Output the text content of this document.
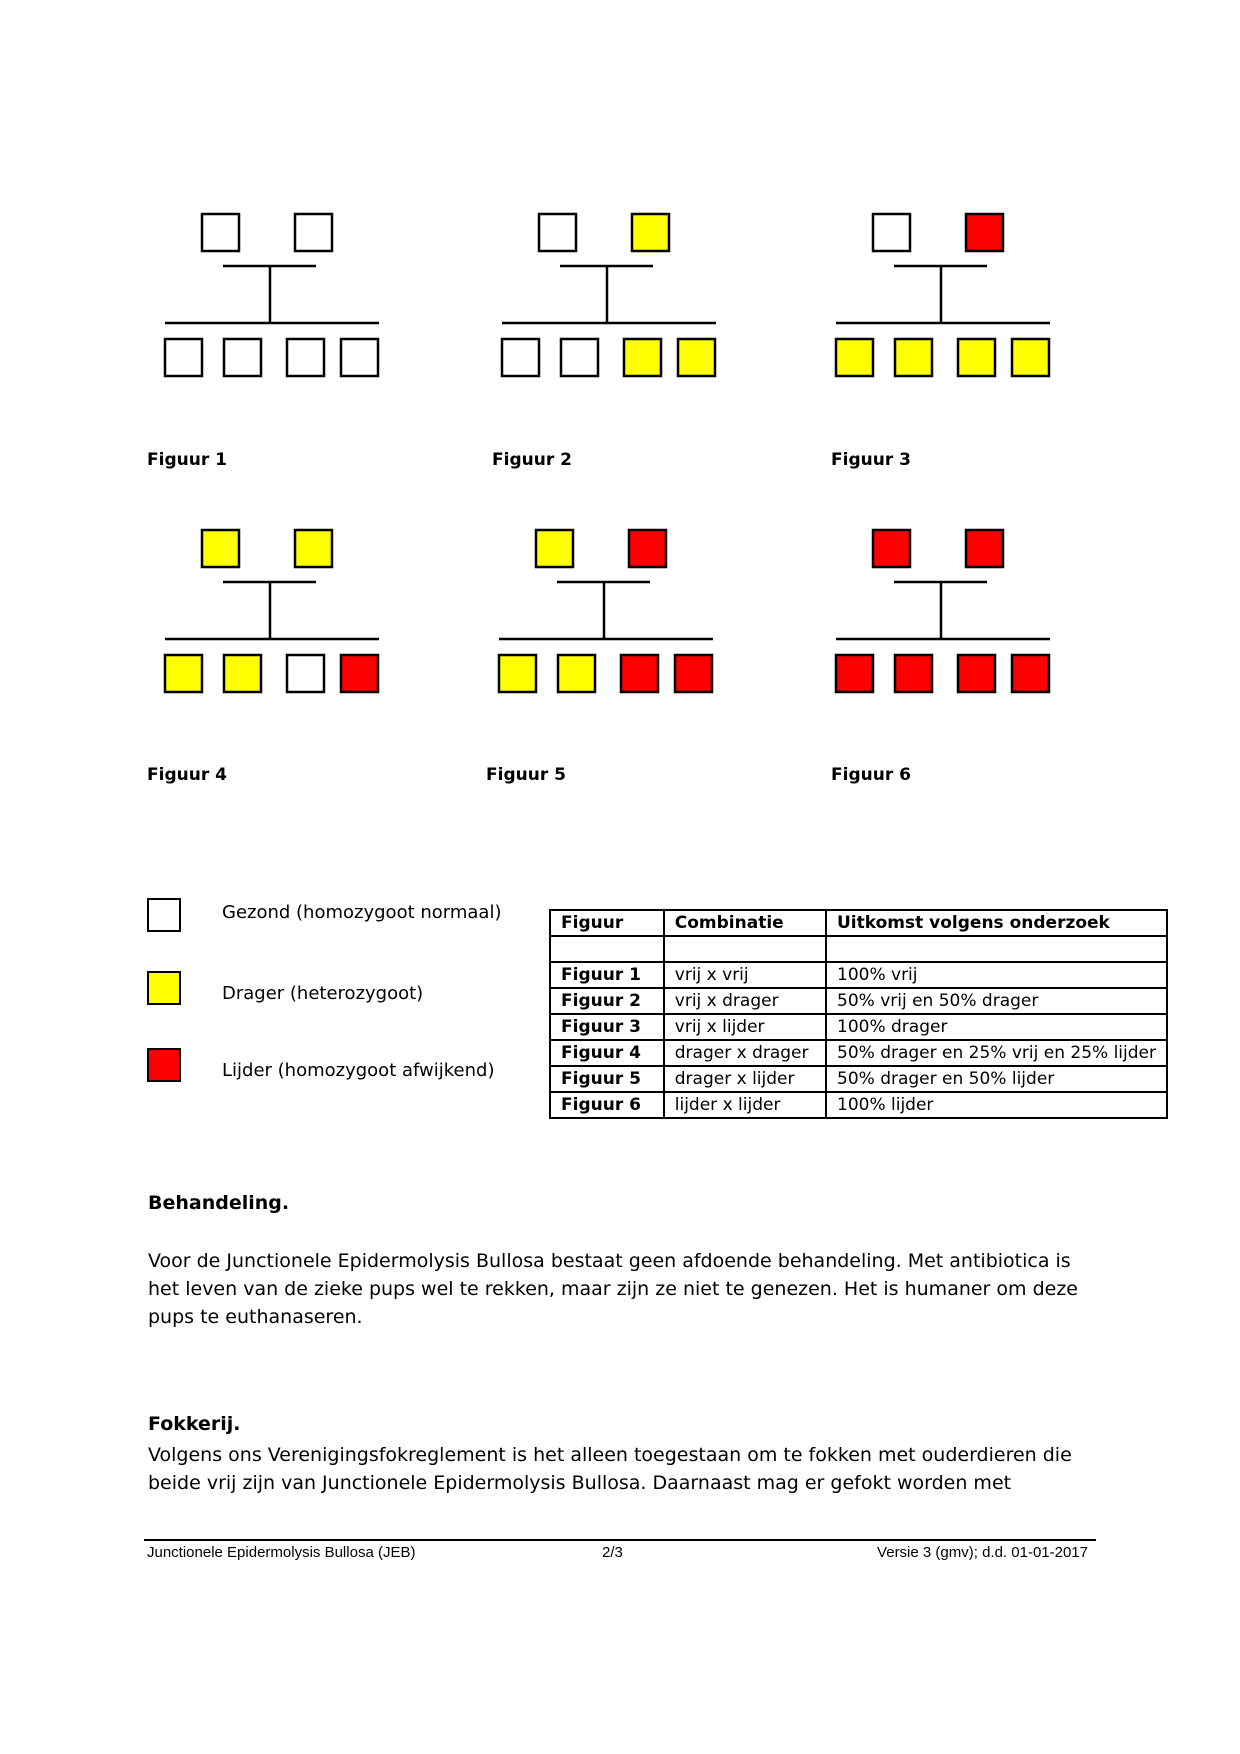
Figuur 1	Figuur 2	Figuur 3
Figuur 4	Figuur 5	Figuur 6
Gezond (homozygoot normaal)
Drager (heterozygoot)
Lijder (homozygoot afwijkend)
Figuur	Combinatie	Uitkomst volgens onderzoek

Figuur 1	vrij x vrij	100% vrij
Figuur 2	vrij x drager	50% vrij en 50% drager
Figuur 3	vrij x lijder	100% drager
Figuur 4	drager x drager	50% drager en 25% vrij en 25% lijder
Figuur 5	drager x lijder	50% drager en 50% lijder
Figuur 6	lijder x lijder	100% lijder
Behandeling.
Voor de Junctionele Epidermolysis Bullosa bestaat geen afdoende behandeling. Met antibiotica is het leven van de zieke pups wel te rekken, maar zijn ze niet te genezen. Het is humaner om deze pups te euthanaseren.
Fokkerij.
Volgens ons Verenigingsfokreglement is het alleen toegestaan om te fokken met ouderdieren die beide vrij zijn van Junctionele Epidermolysis Bullosa. Daarnaast mag er gefokt worden met
Junctionele Epidermolysis Bullosa (JEB)	2/3	Versie 3 (gmv); d.d. 01-01-2017
